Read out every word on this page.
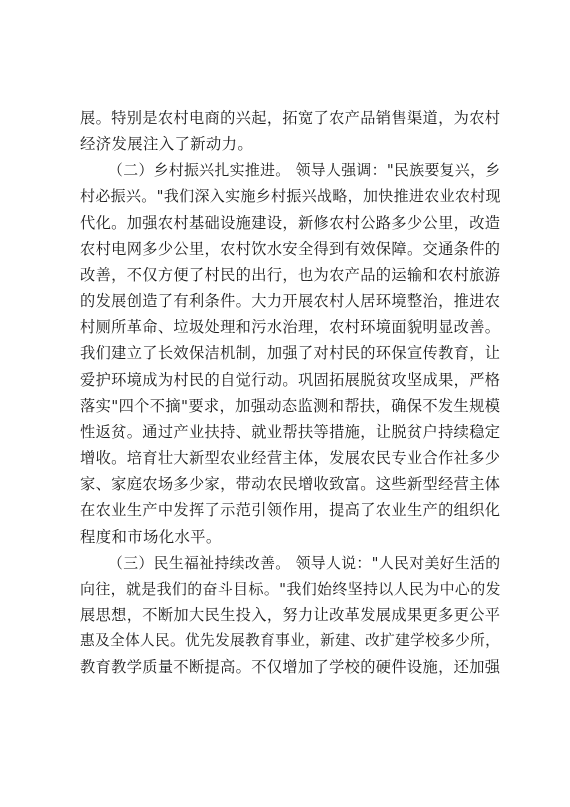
展。特别是农村电商的兴起，拓宽了农产品销售渠道，为农村
经济发展注入了新动力。
（二）乡村振兴扎实推进。 领导人强调："民族要复兴，乡
村必振兴。"我们深入实施乡村振兴战略，加快推进农业农村现
代化。加强农村基础设施建设，新修农村公路多少公里，改造
农村电网多少公里，农村饮水安全得到有效保障。交通条件的
改善，不仅方便了村民的出行，也为农产品的运输和农村旅游
的发展创造了有利条件。大力开展农村人居环境整治，推进农
村厕所革命、垃圾处理和污水治理，农村环境面貌明显改善。
我们建立了长效保洁机制，加强了对村民的环保宣传教育，让
爱护环境成为村民的自觉行动。巩固拓展脱贫攻坚成果，严格
落实"四个不摘"要求，加强动态监测和帮扶，确保不发生规模
性返贫。通过产业扶持、就业帮扶等措施，让脱贫户持续稳定
增收。培育壮大新型农业经营主体，发展农民专业合作社多少
家、家庭农场多少家，带动农民增收致富。这些新型经营主体
在农业生产中发挥了示范引领作用，提高了农业生产的组织化
程度和市场化水平。
（三）民生福祉持续改善。 领导人说："人民对美好生活的
向往，就是我们的奋斗目标。"我们始终坚持以人民为中心的发
展思想，不断加大民生投入，努力让改革发展成果更多更公平
惠及全体人民。优先发展教育事业，新建、改扩建学校多少所，
教育教学质量不断提高。不仅增加了学校的硬件设施，还加强
